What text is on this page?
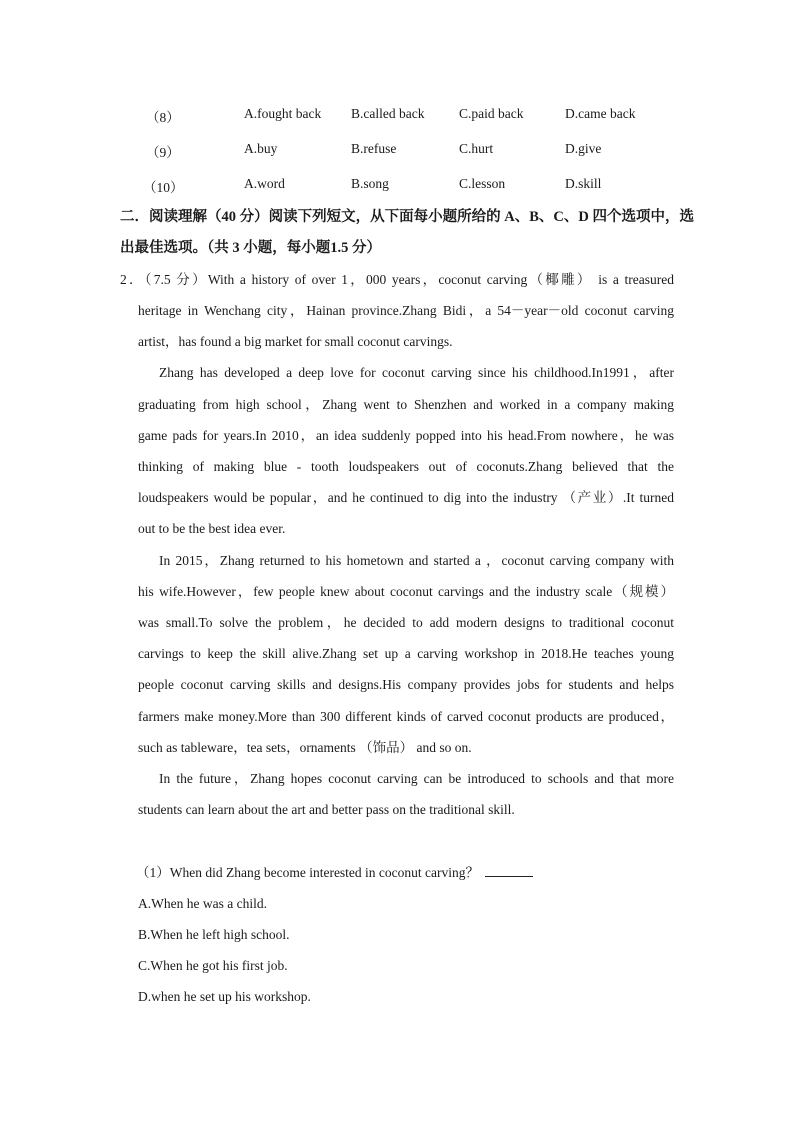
（8）	A.fought back B.called back	C.paid back	D.came back
（9）	A.buy	B.refuse	C.hurt	D.give
（10）	A.word	B.song	C.lesson	D.skill
二．阅读理解（40 分）阅读下列短文，从下面每小题所给的 A、B、C、D 四个选项中，选
出最佳选项。（共 3 小题，每小题1.5 分）
2．（7.5 分）With a history of over 1，000 years，coconut carving（椰雕） is a treasured
heritage in Wenchang city，Hainan province.Zhang Bidi，a 54－year－old coconut carving
artist，has found a big market for small coconut carvings.
Zhang has developed a deep love for coconut carving since his childhood.In1991，after
graduating from high school，Zhang went to Shenzhen and worked in a company making
game pads for years.In 2010，an idea suddenly popped into his head.From nowhere，he was
thinking of making blue - tooth loudspeakers out of coconuts.Zhang believed that the
loudspeakers would be popular，and he continued to dig into the industry （产业）.It turned
out to be the best idea ever.
In 2015，Zhang returned to his hometown and started a ，coconut carving company with
his wife.However，few people knew about coconut carvings and the industry scale（规模）
was small.To solve the problem，he decided to add modern designs to traditional coconut
carvings to keep the skill alive.Zhang set up a carving workshop in 2018.He teaches young
people coconut carving skills and designs.His company provides jobs for students and helps
farmers make money.More than 300 different kinds of carved coconut products are produced，
such as tableware，tea sets，ornaments （饰品） and so on.
In the future，Zhang hopes coconut carving can be introduced to schools and that more
students can learn about the art and better pass on the traditional skill.
（1）When did Zhang become interested in coconut carving？
A.When he was a child.
B.When he left high school.
C.When he got his first job.
D.when he set up his workshop.
